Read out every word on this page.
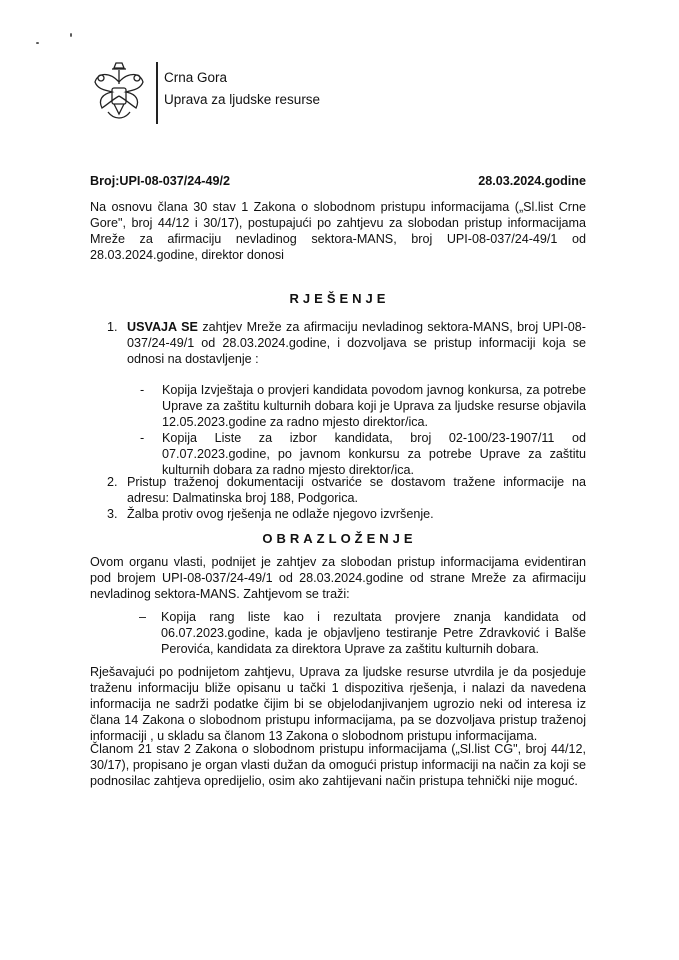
Crna Gora
Uprava za ljudske resurse
Broj:UPI-08-037/24-49/2	28.03.2024.godine
Na osnovu člana 30 stav 1 Zakona o slobodnom pristupu informacijama („Sl.list Crne Gore", broj 44/12 i 30/17), postupajući po zahtjevu za slobodan pristup informacijama Mreže za afirmaciju nevladinog sektora-MANS, broj UPI-08-037/24-49/1 od 28.03.2024.godine, direktor donosi
RJEŠENJE
1. USVAJA SE zahtjev Mreže za afirmaciju nevladinog sektora-MANS, broj UPI-08-037/24-49/1 od 28.03.2024.godine, i dozvoljava se pristup informaciji koja se odnosi na dostavljenje :
- Kopija Izvještaja o provjeri kandidata povodom javnog konkursa, za potrebe Uprave za zaštitu kulturnih dobara koji je Uprava za ljudske resurse objavila 12.05.2023.godine za radno mjesto direktor/ica.
- Kopija Liste za izbor kandidata, broj 02-100/23-1907/11 od 07.07.2023.godine, po javnom konkursu za potrebe Uprave za zaštitu kulturnih dobara za radno mjesto direktor/ica.
2. Pristup traženoj dokumentaciji ostvariće se dostavom tražene informacije na adresu: Dalmatinska broj 188, Podgorica.
3. Žalba protiv ovog rješenja ne odlaže njegovo izvršenje.
OBRAZLOŽENJE
Ovom organu vlasti, podnijet je zahtjev za slobodan pristup informacijama evidentiran pod brojem UPI-08-037/24-49/1 od 28.03.2024.godine od strane Mreže za afirmaciju nevladinog sektora-MANS. Zahtjevom se traži:
– Kopija rang liste kao i rezultata provjere znanja kandidata od 06.07.2023.godine, kada je objavljeno testiranje Petre Zdravković i Balše Perovića, kandidata za direktora Uprave za zaštitu kulturnih dobara.
Rješavajući po podnijetom zahtjevu, Uprava za ljudske resurse utvrdila je da posjeduje traženu informaciju bliže opisanu u tački 1 dispozitiva rješenja, i nalazi da navedena informacija ne sadrži podatke čijim bi se objelodanjivanjem ugrozio neki od interesa iz člana 14 Zakona o slobodnom pristupu informacijama, pa se dozvoljava pristup traženoj informaciji , u skladu sa članom 13 Zakona o slobodnom pristupu informacijama.
Članom 21 stav 2 Zakona o slobodnom pristupu informacijama („Sl.list CG", broj 44/12, 30/17), propisano je organ vlasti dužan da omogući pristup informaciji na način za koji se podnosilac zahtjeva opredijelio, osim ako zahtijevani način pristupa tehnički nije moguć.
